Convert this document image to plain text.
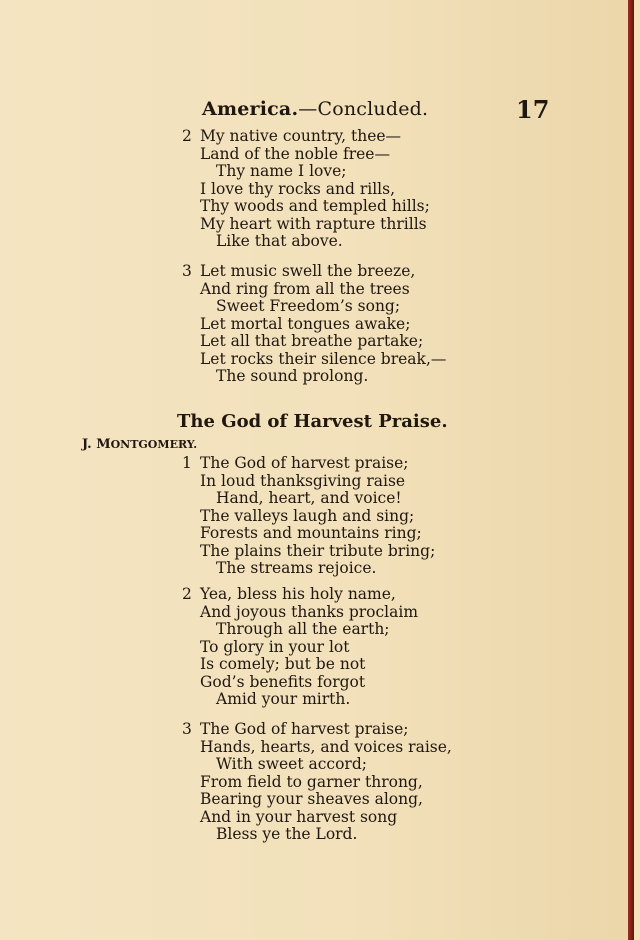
America.—Concluded.	17
2 My native country, thee—
Land of the noble free—
Thy name I love;
I love thy rocks and rills,
Thy woods and templed hills;
My heart with rapture thrills
Like that above.
3 Let music swell the breeze,
And ring from all the trees
Sweet Freedom’s song;
Let mortal tongues awake;
Let all that breathe partake;
Let rocks their silence break,—
The sound prolong.
The God of Harvest Praise.
J. MONTGOMERY.
1 The God of harvest praise;
In loud thanksgiving raise
Hand, heart, and voice!
The valleys laugh and sing;
Forests and mountains ring;
The plains their tribute bring;
The streams rejoice.
2 Yea, bless his holy name,
And joyous thanks proclaim
Through all the earth;
To glory in your lot
Is comely; but be not
God’s benefits forgot
Amid your mirth.
3 The God of harvest praise;
Hands, hearts, and voices raise,
With sweet accord;
From field to garner throng,
Bearing your sheaves along,
And in your harvest song
Bless ye the Lord.
